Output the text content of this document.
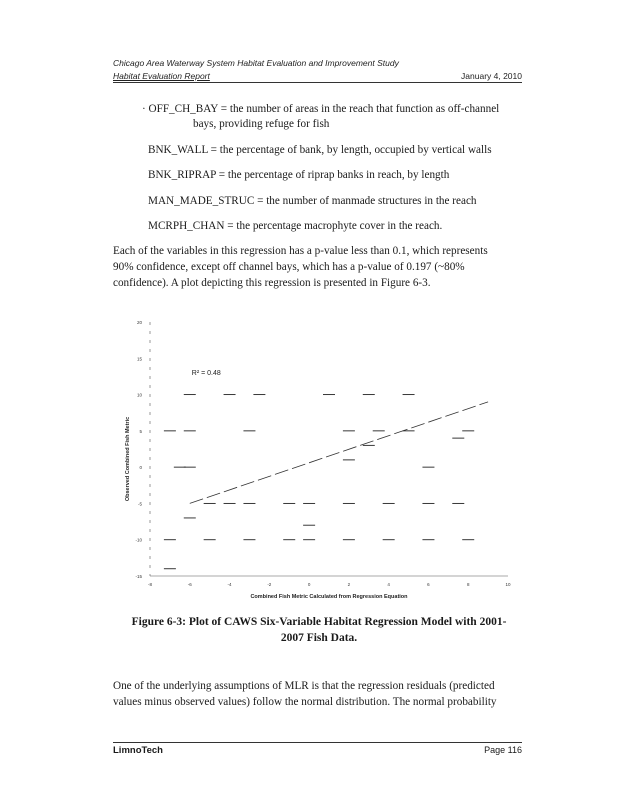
Chicago Area Waterway System Habitat Evaluation and Improvement Study
Habitat Evaluation Report	January 4, 2010
· OFF_CH_BAY = the number of areas in the reach that function as off-channel
bays, providing refuge for fish
BNK_WALL = the percentage of bank, by length, occupied by vertical walls
BNK_RIPRAP = the percentage of riprap banks in reach, by length
MAN_MADE_STRUC = the number of manmade structures in the reach
MCRPH_CHAN = the percentage macrophyte cover in the reach.
Each of the variables in this regression has a p-value less than 0.1, which represents
90% confidence, except off channel bays, which has a p-value of 0.197 (~80%
confidence). A plot depicting this regression is presented in Figure 6-3.
-8	-6	-4	-2	0	2	4	6	8	10
20
15
10
5
0
-5
-10
-15
R² = 0.48
Combined Fish Metric Calculated from Regression Equation
Observed Combined Fish Metric
Figure 6-3: Plot of CAWS Six-Variable Habitat Regression Model with 2001-
2007 Fish Data.
One of the underlying assumptions of MLR is that the regression residuals (predicted
values minus observed values) follow the normal distribution. The normal probability
LimnoTech	Page 116
